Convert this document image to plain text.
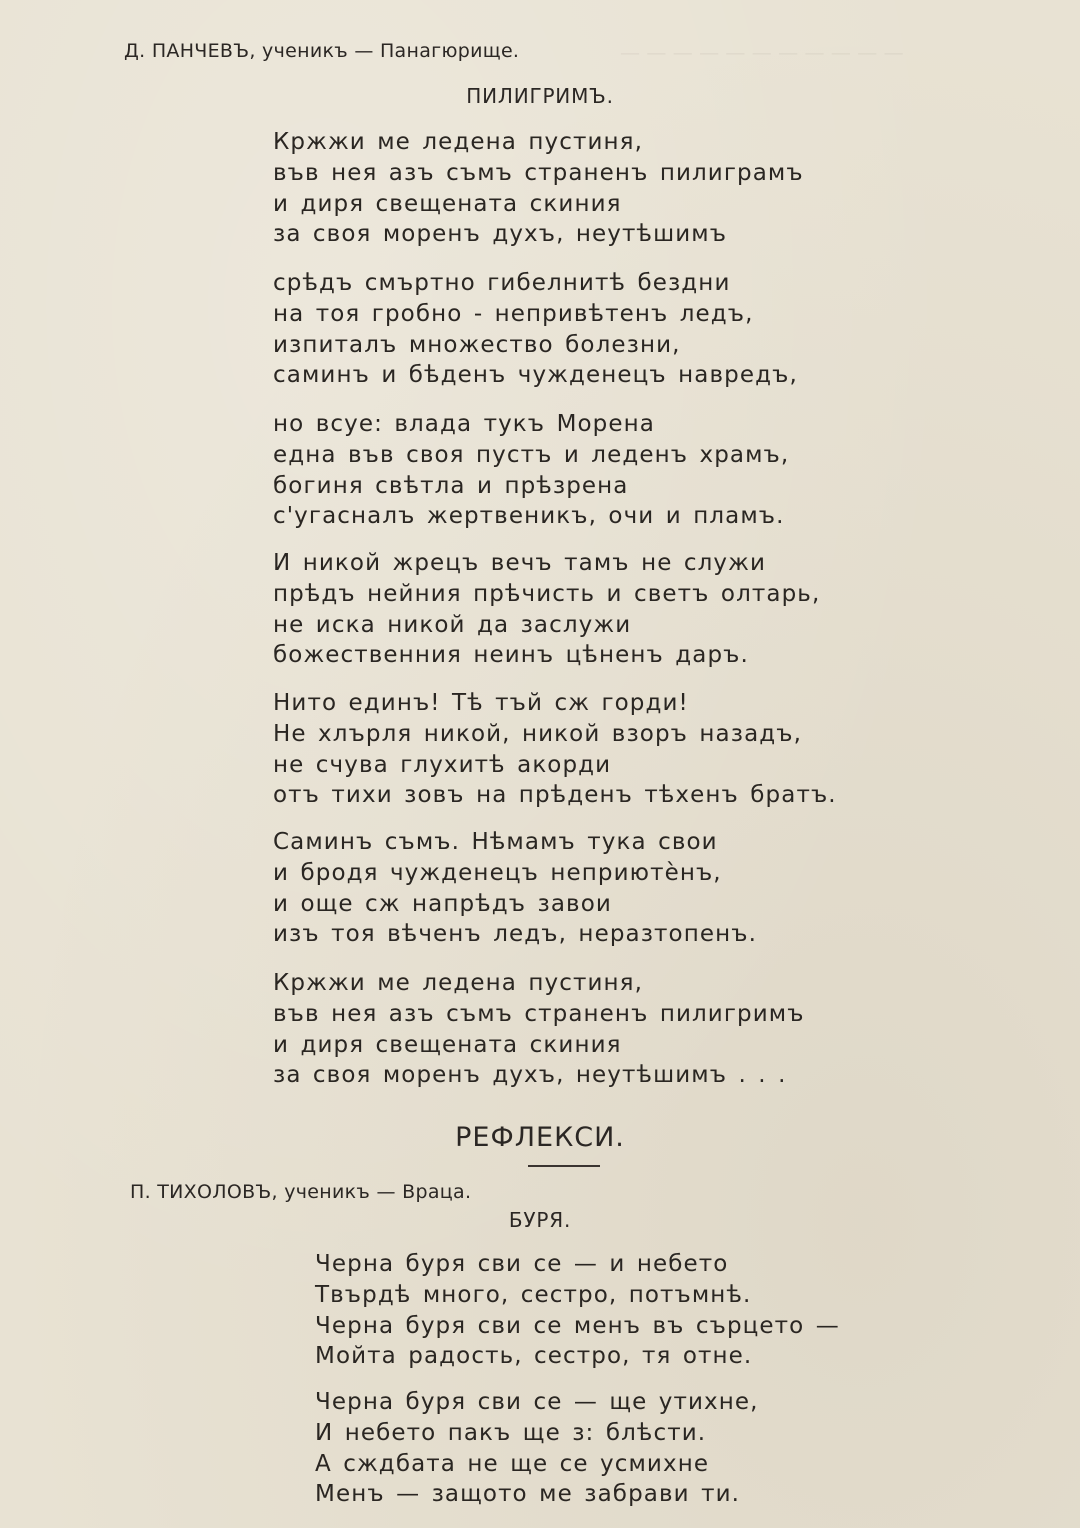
— — — — — — — — — — —
Д. ПАНЧЕВЪ, ученикъ — Панагюрище.
ПИЛИГРИМЪ.
Кржжи ме ледена пустиня,
във нея азъ съмъ страненъ пилиграмъ
и диря свещената скиния
за своя моренъ духъ, неутѣшимъ
срѣдъ смъртно гибелнитѣ бездни
на тоя гробно - непривѣтенъ ледъ,
изпиталъ множество болезни,
саминъ и бѣденъ чужденецъ навредъ,
но всуе: влада тукъ Морена
една във своя пустъ и леденъ храмъ,
богиня свѣтла и прѣзрена
с'угасналъ жертвеникъ, очи и пламъ.
И никой жрецъ вечъ тамъ не служи
прѣдъ нейния прѣчисть и светъ олтарь,
не иска никой да заслужи
божественния неинъ цѣненъ даръ.
Нито единъ! Тѣ тъй сж горди!
Не хлърля никой, никой взоръ назадъ,
не счува глухитѣ акорди
отъ тихи зовъ на прѣденъ тѣхенъ братъ.
Саминъ съмъ. Нѣмамъ тука свои
и бродя чужденецъ неприютѐнъ,
и още сж напрѣдъ завои
изъ тоя вѣченъ ледъ, неразтопенъ.
Кржжи ме ледена пустиня,
във нея азъ съмъ страненъ пилигримъ
и диря свещената скиния
за своя моренъ духъ, неутѣшимъ . . .
РЕФЛЕКСИ.
П. ТИХОЛОВЪ, ученикъ — Враца.
БУРЯ.
Черна буря сви се — и небето
Твърдѣ много, сестро, потъмнѣ.
Черна буря сви се менъ въ сърцето —
Мойта радость, сестро, тя отне.
Черна буря сви се — ще утихне,
И небето пакъ ще з: блѣсти.
А сждбата не ще се усмихне
Менъ — защото ме забрави ти.
